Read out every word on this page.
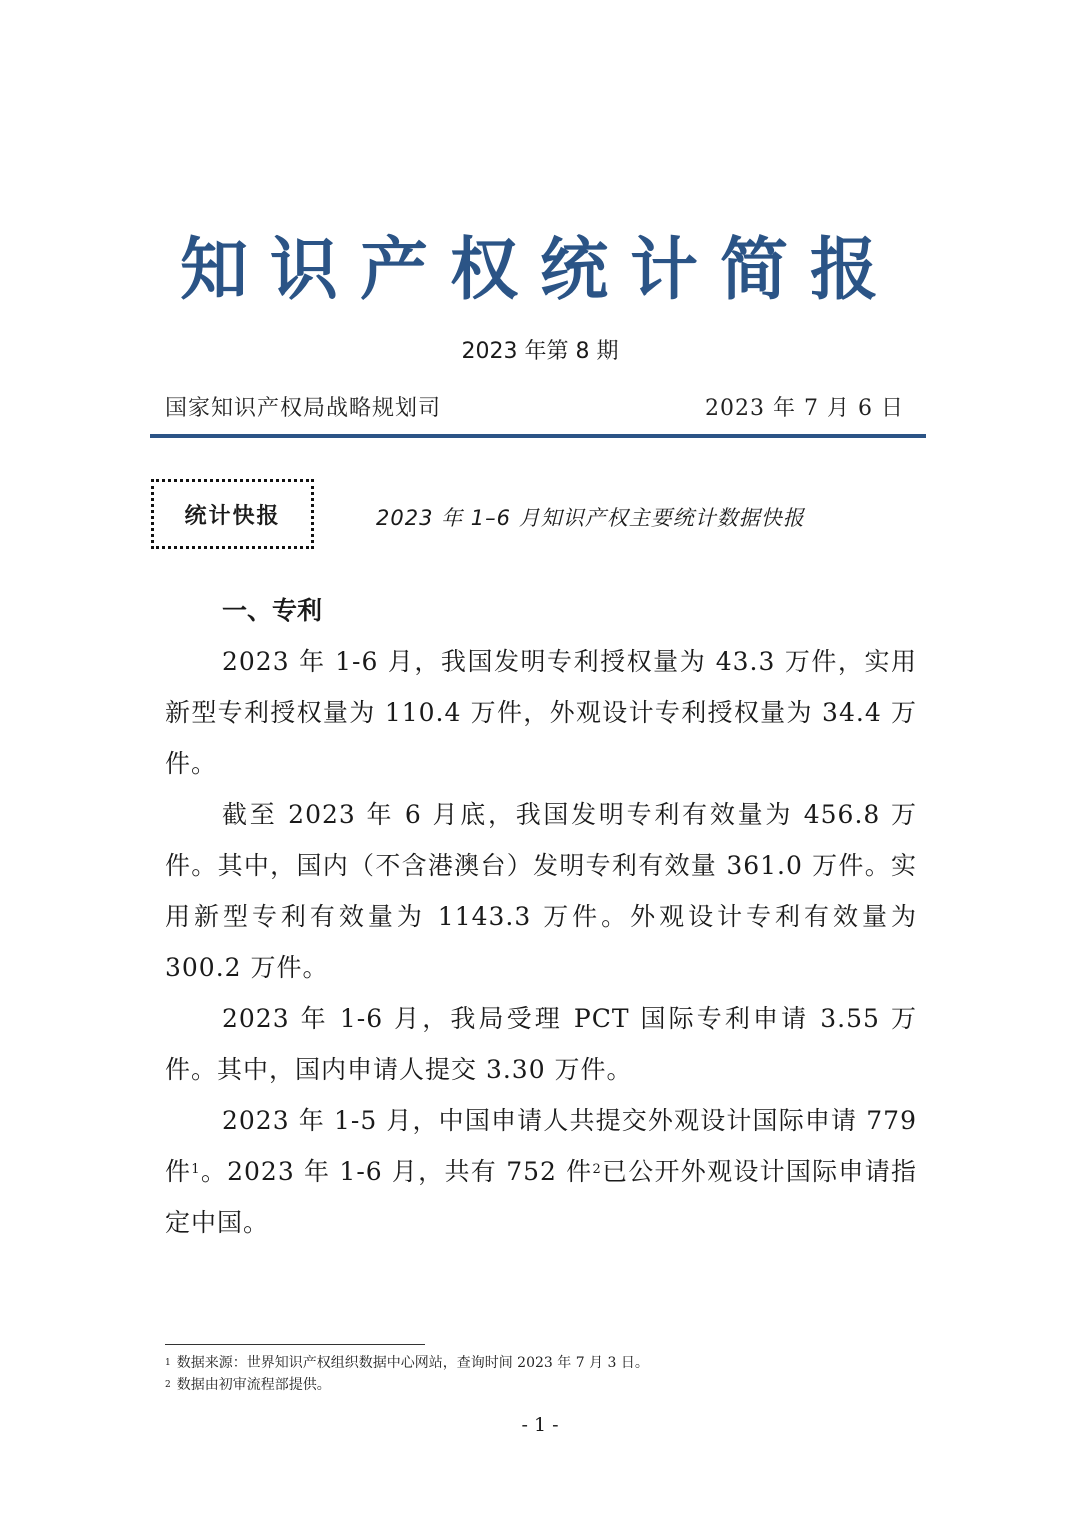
知识产权统计简报
2023 年第 8 期
国家知识产权局战略规划司	2023 年 7 月 6 日
统计快报	2023 年 1–6 月知识产权主要统计数据快报
一、专利

2023 年 1-6 月，我国发明专利授权量为 43.3 万件，实用新型专利授权量为 110.4 万件，外观设计专利授权量为 34.4 万件。

截至 2023 年 6 月底，我国发明专利有效量为 456.8 万件。其中，国内（不含港澳台）发明专利有效量 361.0 万件。实用新型专利有效量为 1143.3 万件。外观设计专利有效量为 300.2 万件。

2023 年 1-6 月，我局受理 PCT 国际专利申请 3.55 万件。其中，国内申请人提交 3.30 万件。

2023 年 1-5 月，中国申请人共提交外观设计国际申请 779 件$^1$。2023 年 1-6 月，共有 752 件$^2$已公开外观设计国际申请指定中国。

$^1$ 数据来源：世界知识产权组织数据中心网站，查询时间 2023 年 7 月 3 日。
$^2$ 数据由初审流程部提供。
- 1 -
